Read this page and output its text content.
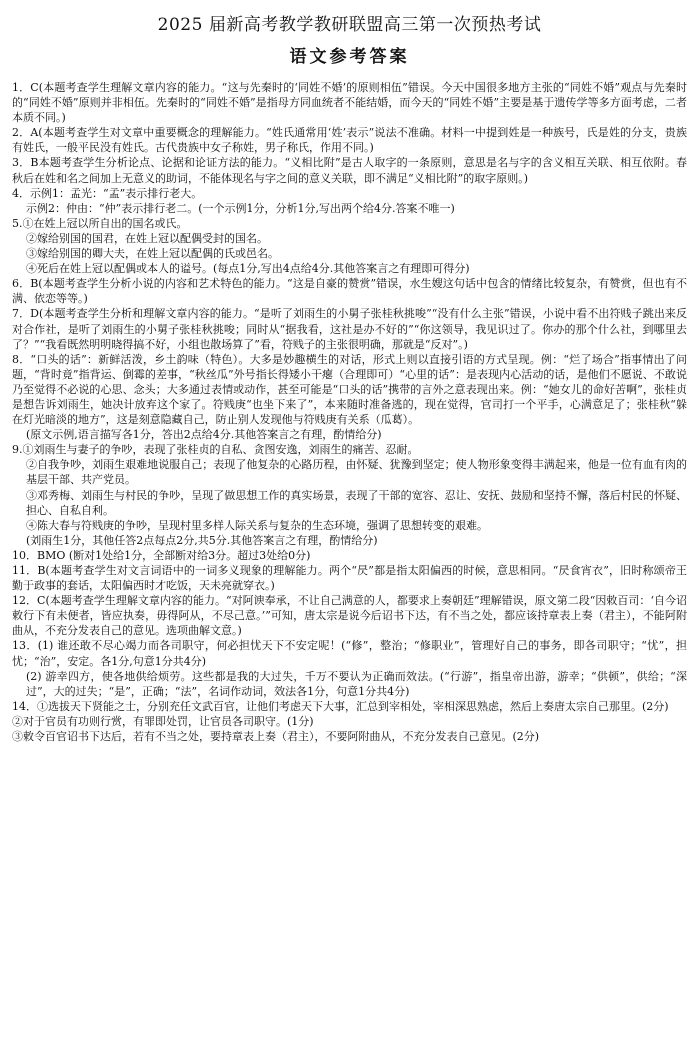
2025 届新高考教学教研联盟高三第一次预热考试
语文参考答案

1．C(本题考查学生理解文章内容的能力。“这与先秦时的‘同姓不婚’的原则相伍”错误。今天中国很多地方主张的“同姓不婚”观点与先秦时的“同姓不婚”原则并非相伍。先秦时的“同姓不婚”是指母方同血统者不能结婚，而今天的“同姓不婚”主要是基于遗传学等多方面考虑，二者本质不同。)

2．A(本题考查学生对文章中重要概念的理解能力。“姓氏通常用‘姓’表示”说法不准确。材料一中提到姓是一种族号，氏是姓的分支，贵族有姓氏，一般平民没有姓氏。古代贵族中女子称姓，男子称氏，作用不同。)

3．B本题考查学生分析论点、论据和论证方法的能力。“义相比附”是古人取字的一条原则，意思是名与字的含义相互关联、相互依附。春秋后在姓和名之间加上无意义的助词，不能体现名与字之间的意义关联，即不满足“义相比附”的取字原则。)

4．示例1：孟光：“孟”表示排行老大。

示例2：仲由：“仲”表示排行老二。(一个示例1分，分析1分,写出两个给4分.答案不唯一)

5.①在姓上冠以所自出的国名或氏。

②嫁给别国的国君，在姓上冠以配偶受封的国名。

③嫁给别国的卿大夫，在姓上冠以配偶的氏或邑名。

④死后在姓上冠以配偶或本人的谥号。(每点1分,写出4点给4分.其他答案言之有理即可得分)

6．B(本题考查学生分析小说的内容和艺术特色的能力。“这是自豪的赞赏”错误，水生嫂这句话中包含的情绪比较复杂，有赞赏，但也有不满、依恋等等。)

7．D(本题考查学生分析和理解文章内容的能力。“是听了刘雨生的小舅子张桂秋挑唆”“没有什么主张”错误，小说中看不出符贱子跳出来反对合作社，是听了刘雨生的小舅子张桂秋挑唆；同时从“据我看，这社是办不好的”“你这领导，我见识过了。你办的那个什么社，到哪里去了？”“我看既然明明晓得搞不好，小组也散场算了”看，符贱子的主张很明确，那就是“反对”。)

8．“口头的话”：新鲜活泼，乡土韵味（特色）。大多是妙趣横生的对话，形式上则以直接引语的方式呈现。例：“烂了场合”指事情出了问题，“背时竟”指背运、倒霉的差事，“秋丝瓜”外号指长得矮小干瘪（合理即可）“心里的话”：是表现内心活动的话，是他们不愿说、不敢说乃至觉得不必说的心思、念头；大多通过表情或动作，甚至可能是“口头的话”携带的言外之意表现出来。例：“她女儿的命好苦啊”，张桂贞是想告诉刘雨生，她决计放弃这个家了。符贱庚“也坐下来了”，本来随时准备逃的，现在觉得，官司打一个平手，心满意足了；张桂秋“躲在灯光暗淡的地方”，这是刻意隐藏自己，防止别人发现他与符贱庚有关系（瓜葛）。

(原文示例,语言描写各1分，答出2点给4分.其他答案言之有理，酌情给分)

9.①刘雨生与妻子的争吵，表现了张桂贞的自私、贪图安逸，刘雨生的痛苦、忍耐。

②自我争吵，刘雨生艰难地说服自己；表现了他复杂的心路历程，由怀疑、犹豫到坚定；使人物形象变得丰满起来，他是一位有血有肉的基层干部、共产党员。

③邓秀梅、刘雨生与村民的争吵，呈现了做思想工作的真实场景，表现了干部的宽容、忍让、安抚、鼓励和坚持不懈，落后村民的怀疑、担心、自私自利。

④陈大春与符贱庚的争吵，呈现村里多样人际关系与复杂的生态环境，强调了思想转变的艰难。

(刘雨生1分，其他任答2点每点2分,共5分.其他答案言之有理，酌情给分)

10．BMO (断对1处给1分，全部断对给3分。超过3处给0分)

11．B(本题考查学生对文言词语中的一词多义现象的理解能力。两个“昃”都是指太阳偏西的时候，意思相同。“昃食宵衣”，旧时称颂帝王勤于政事的套话，太阳偏西时才吃饭，天未亮就穿衣。)

12．C(本题考查学生理解文章内容的能力。“对阿谀奉承，不让自己满意的人，都要求上奏朝廷”理解错误，原文第二段“因敕百司：‘自今诏敕行下有未便者，皆应执奏，毋得阿从，不尽己意。’”可知，唐太宗是说今后诏书下达，有不当之处，都应该持章表上奏（君主），不能阿附曲从，不充分发表自己的意见。选项曲解文意。)

13．(1) 谁还敢不尽心竭力而各司职守，何必担忧天下不安定呢！(“修”，整治；“修职业”，管理好自己的事务，即各司职守；“忧”，担忧；“治”，安定。各1分,句意1分共4分)

(2) 游幸四方，使各地供给烦劳。这些都是我的大过失，千万不要认为正确而效法。(“行游”，指皇帝出游，游幸；“供顿”，供给；“深过”，大的过失；“是”，正确；“法”，名词作动词，效法各1分，句意1分共4分)

14．①选拔天下贤能之士，分别充任文武百官，让他们考虑天下大事，汇总到宰相处，宰相深思熟虑，然后上奏唐太宗自己那里。(2分)

②对于官员有功则行赏，有罪即处罚，让官员各司职守。(1分)

③敕令百官诏书下达后，若有不当之处，要持章表上奏（君主），不要阿附曲从，不充分发表自己意见。(2分)
